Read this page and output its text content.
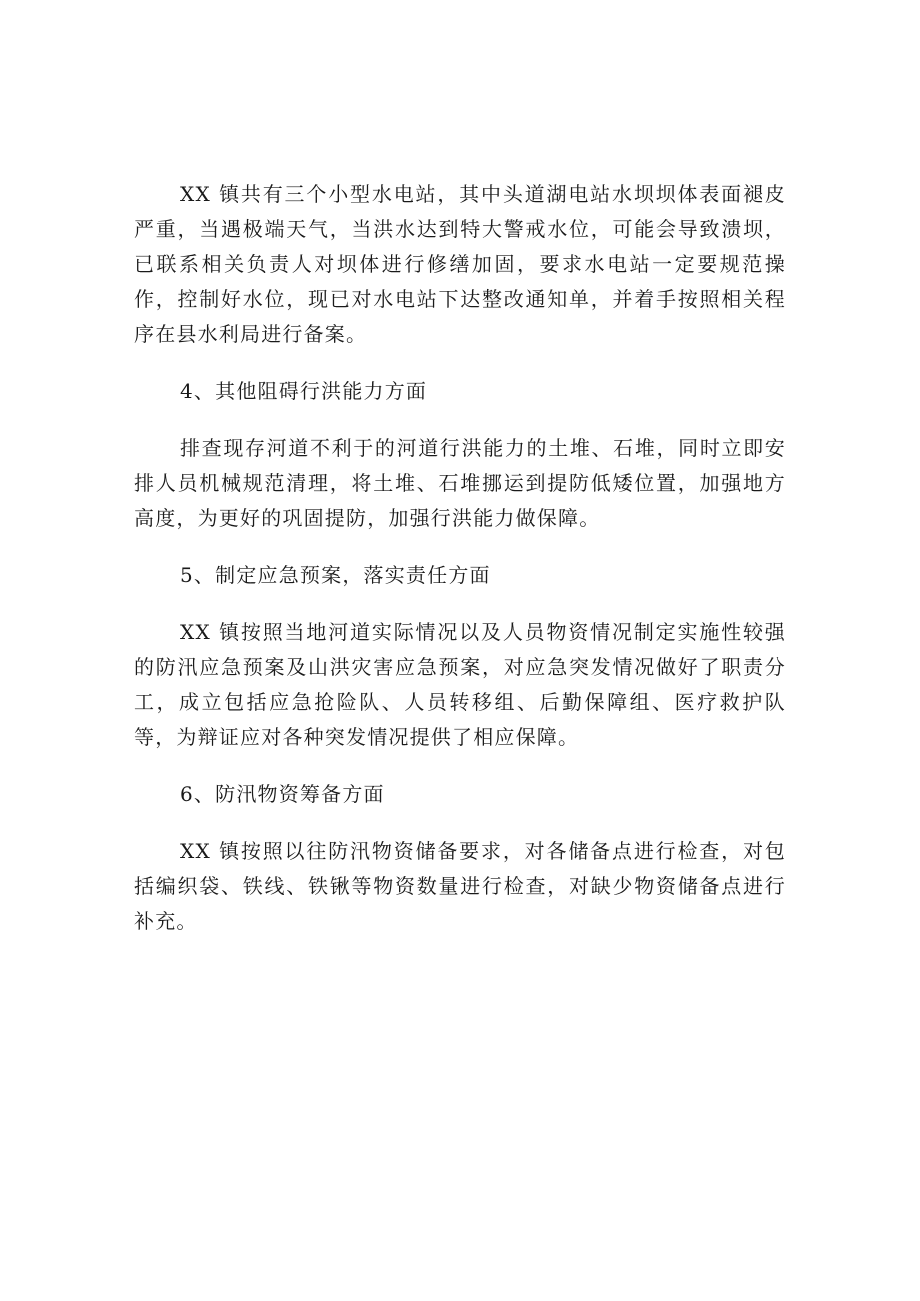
XX 镇共有三个小型水电站，其中头道湖电站水坝坝体表面褪皮严重，当遇极端天气，当洪水达到特大警戒水位，可能会导致溃坝，已联系相关负责人对坝体进行修缮加固，要求水电站一定要规范操作，控制好水位，现已对水电站下达整改通知单，并着手按照相关程序在县水利局进行备案。

4、其他阻碍行洪能力方面

排查现存河道不利于的河道行洪能力的土堆、石堆，同时立即安排人员机械规范清理，将土堆、石堆挪运到提防低矮位置，加强地方高度，为更好的巩固提防，加强行洪能力做保障。

5、制定应急预案，落实责任方面

XX 镇按照当地河道实际情况以及人员物资情况制定实施性较强的防汛应急预案及山洪灾害应急预案，对应急突发情况做好了职责分工，成立包括应急抢险队、人员转移组、后勤保障组、医疗救护队等，为辩证应对各种突发情况提供了相应保障。

6、防汛物资筹备方面

XX 镇按照以往防汛物资储备要求，对各储备点进行检查，对包括编织袋、铁线、铁锹等物资数量进行检查，对缺少物资储备点进行补充。
